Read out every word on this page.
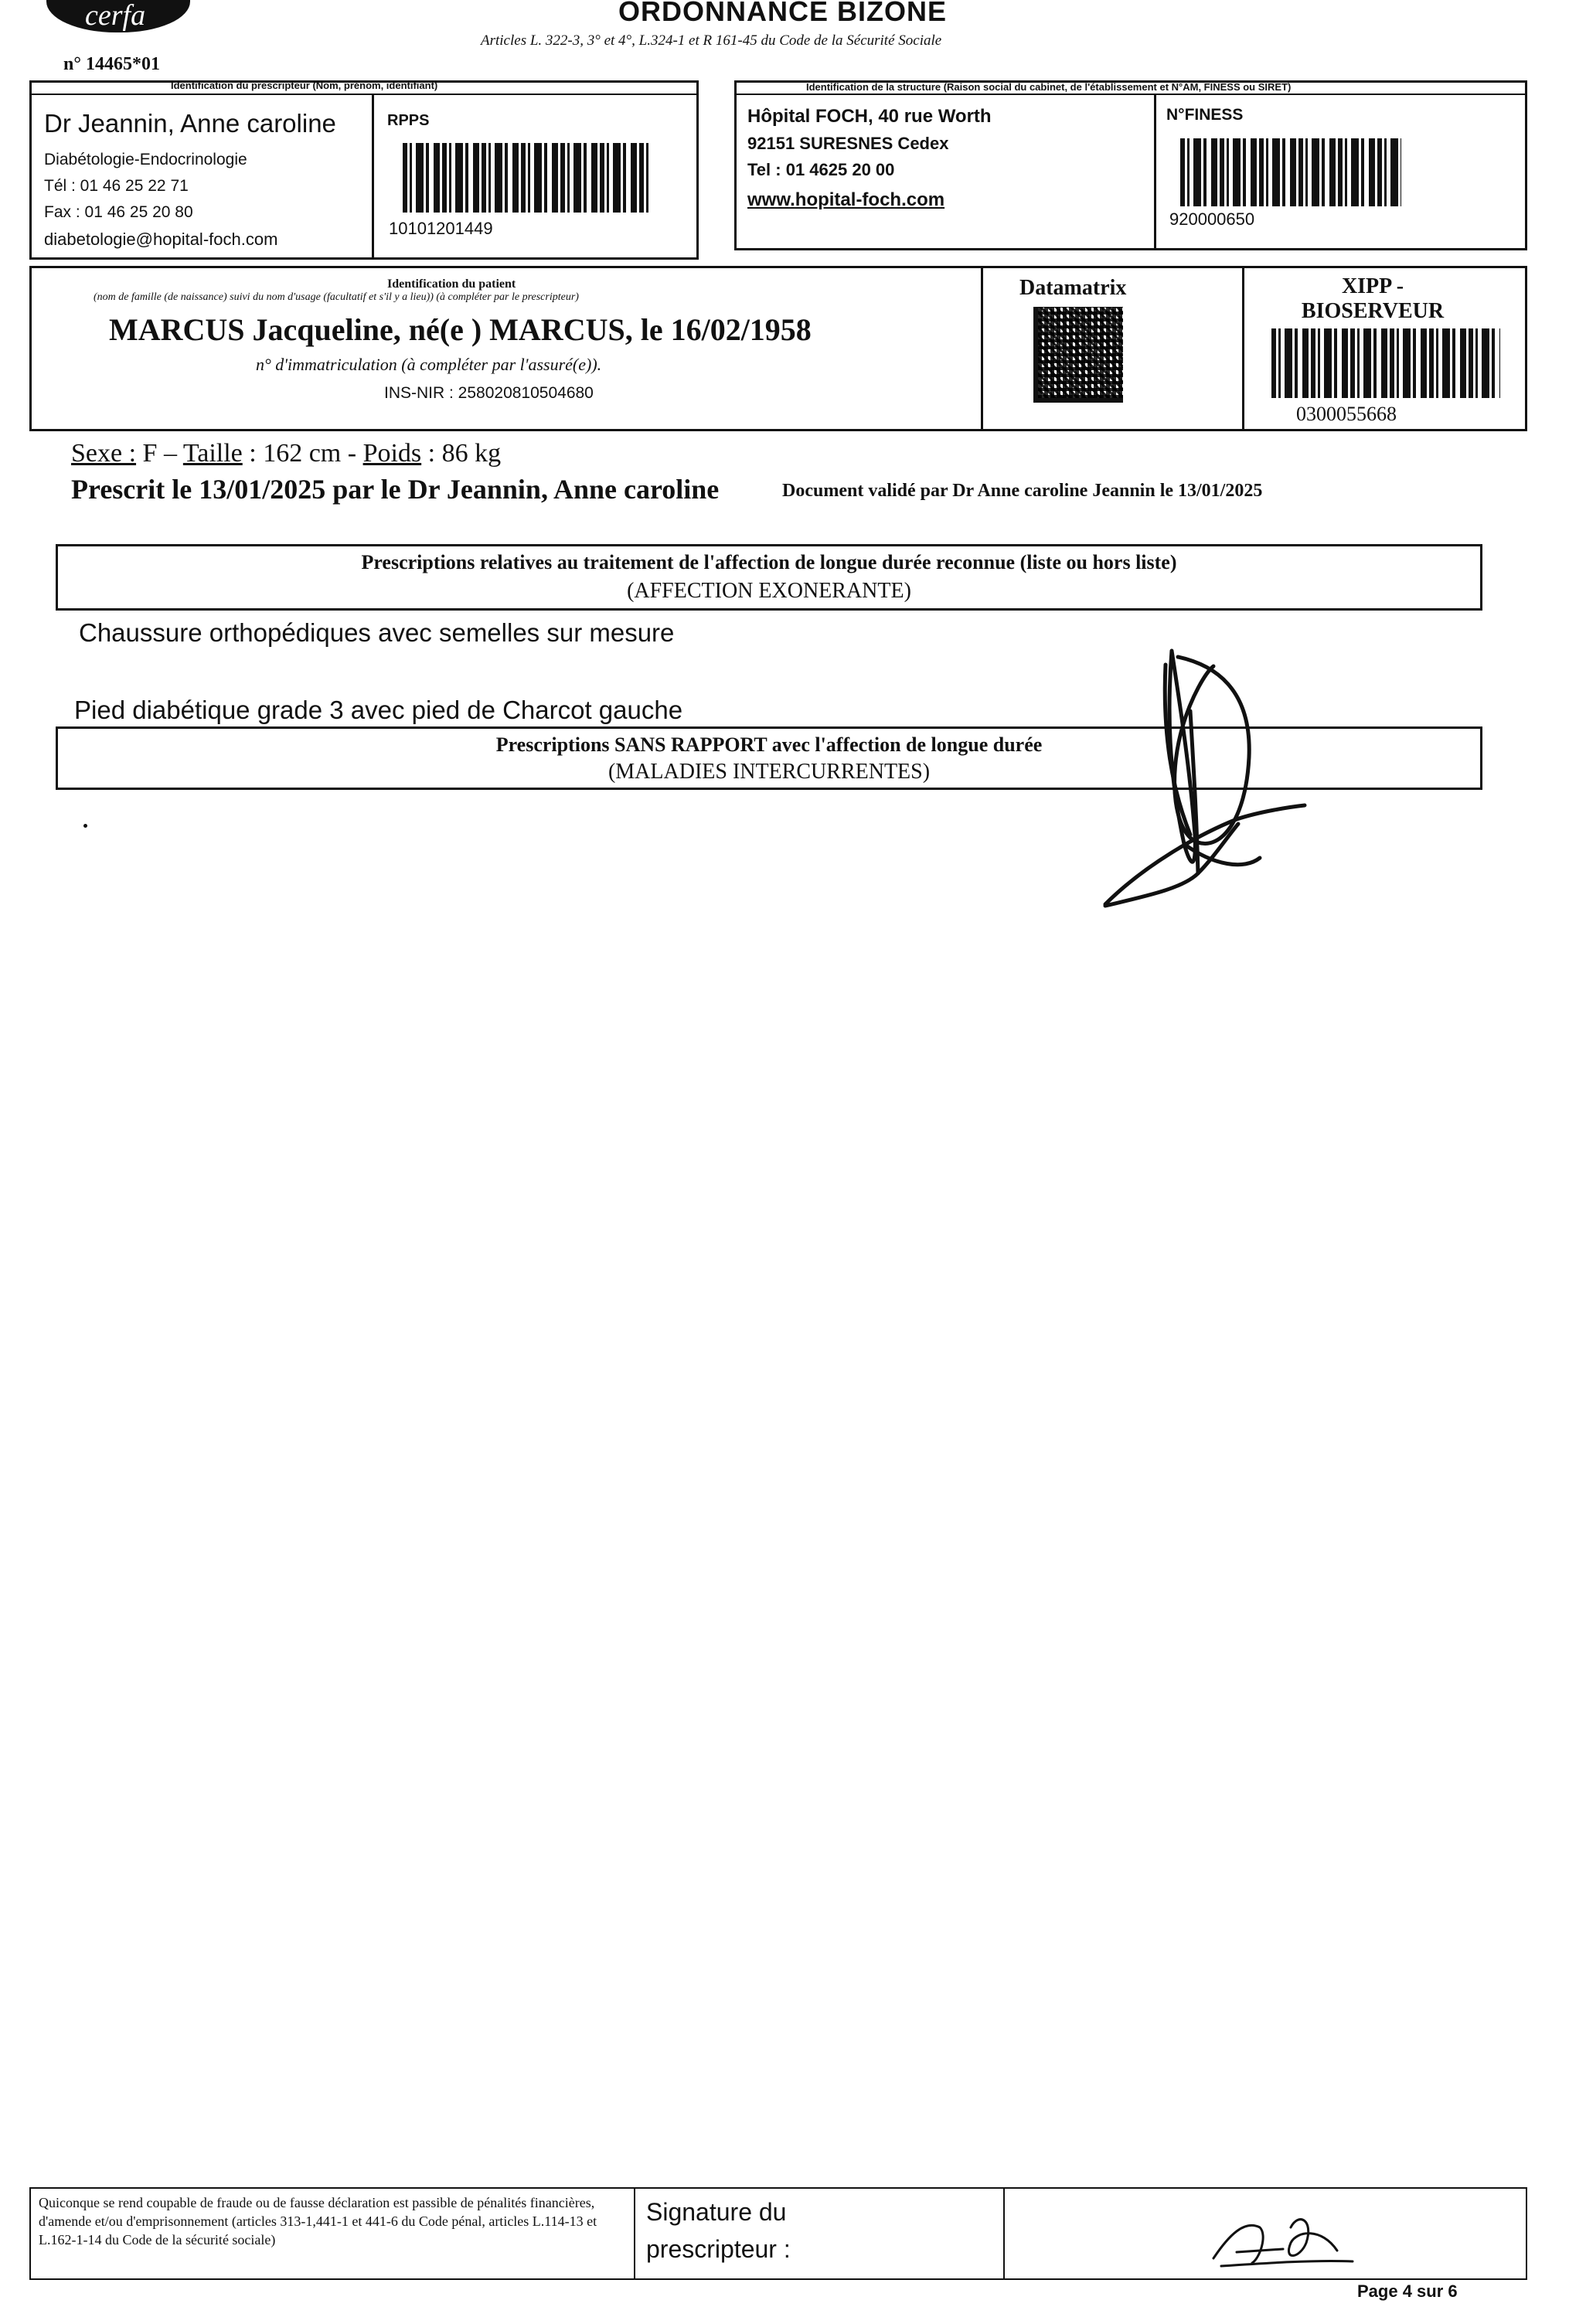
cerfa	ORDONNANCE BIZONE
Articles L. 322-3, 3° et 4°, L.324-1 et R 161-45 du Code de la Sécurité Sociale
n° 14465*01
Identification du prescripteur (Nom, prénom, identifiant)
Dr Jeannin, Anne caroline
Diabétologie-Endocrinologie
Tél : 01 46 25 22 71
Fax : 01 46 25 20 80
diabetologie@hopital-foch.com
RPPS
10101201449
Identification de la structure (Raison social du cabinet, de l'établissement et N°AM, FINESS ou SIRET)
Hôpital FOCH, 40 rue Worth
92151 SURESNES Cedex
Tel : 01 4625 20 00
www.hopital-foch.com
N°FINESS
920000650
Identification du patient
(nom de famille (de naissance) suivi du nom d'usage (facultatif et s'il y a lieu)) (à compléter par le prescripteur)
MARCUS Jacqueline, né(e ) MARCUS, le 16/02/1958
n° d'immatriculation (à compléter par l'assuré(e)).
INS-NIR : 258020810504680
Datamatrix	XIPP - BIOSERVEUR
0300055668
Sexe : F – Taille : 162 cm - Poids : 86 kg
Prescrit le 13/01/2025 par le Dr Jeannin, Anne caroline	Document validé par Dr Anne caroline Jeannin le 13/01/2025
Prescriptions relatives au traitement de l'affection de longue durée reconnue (liste ou hors liste)
(AFFECTION EXONERANTE)
Chaussure orthopédiques avec semelles sur mesure
Pied diabétique grade 3 avec pied de Charcot gauche
Prescriptions SANS RAPPORT avec l'affection de longue durée
(MALADIES INTERCURRENTES)
Quiconque se rend coupable de fraude ou de fausse déclaration est passible de pénalités financières, d'amende et/ou d'emprisonnement (articles 313-1,441-1 et 441-6 du Code pénal, articles L.114-13 et L.162-1-14 du Code de la sécurité sociale)
Signature du
prescripteur :
Page 4 sur 6
